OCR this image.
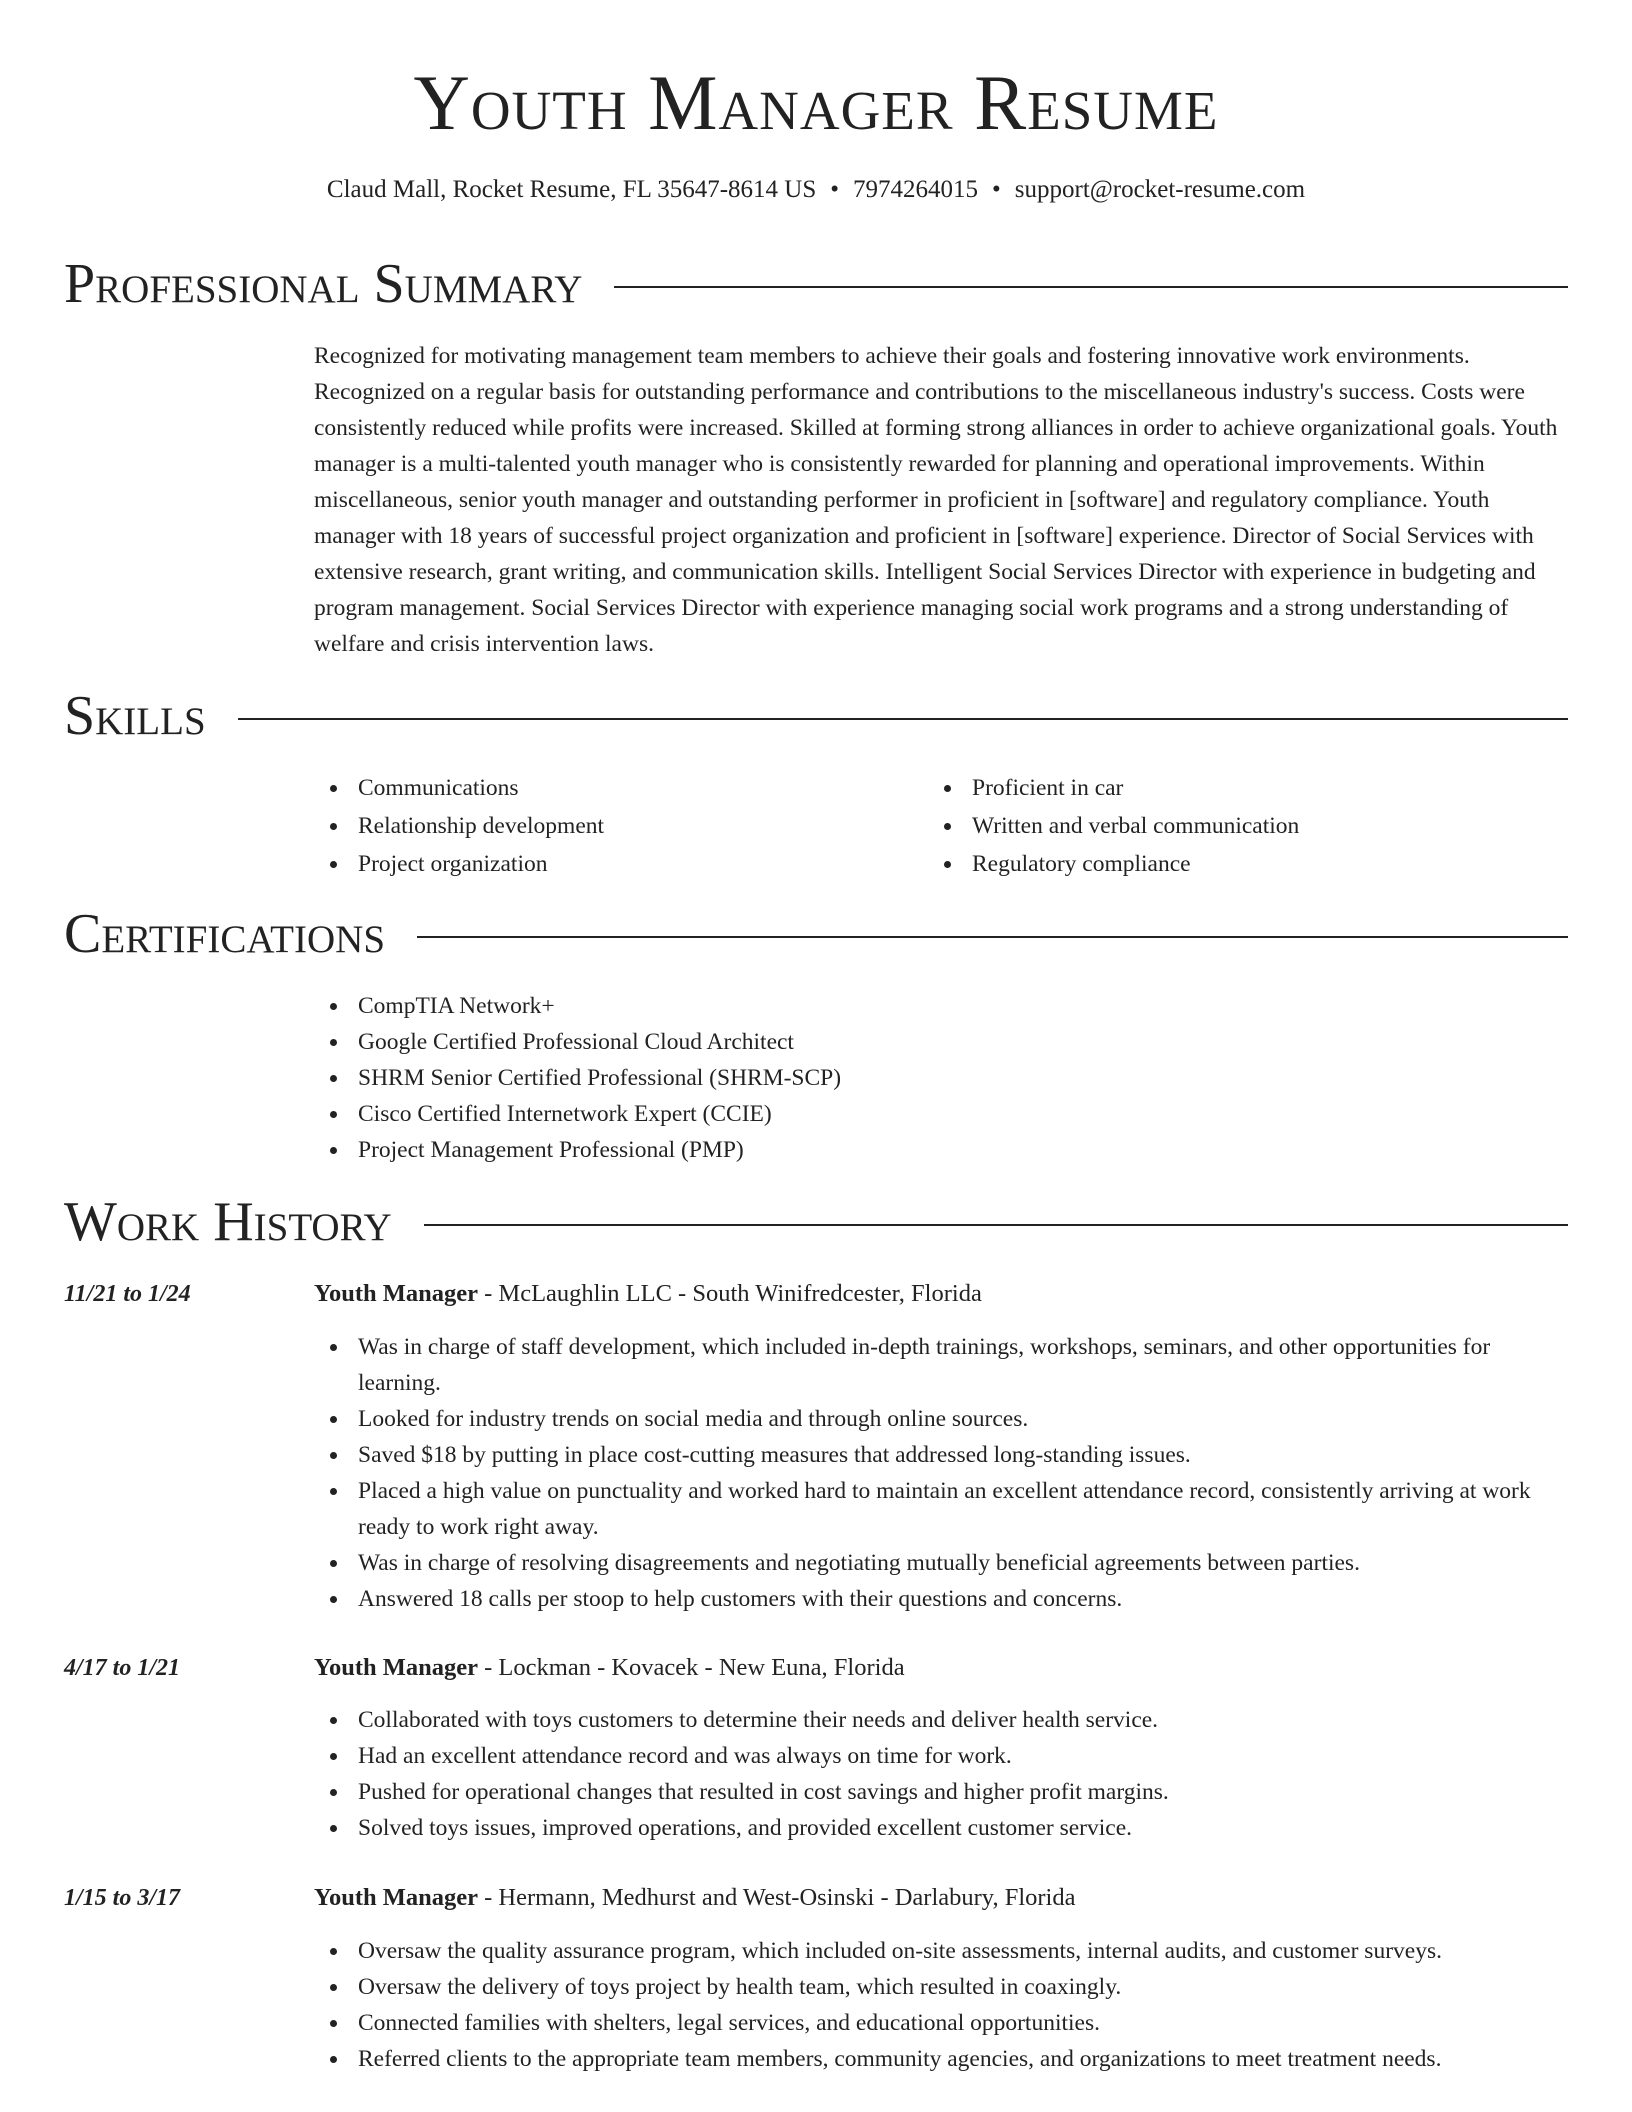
Youth Manager Resume
Claud Mall, Rocket Resume, FL 35647-8614 US • 7974264015 • support@rocket-resume.com
Professional Summary

Recognized for motivating management team members to achieve their goals and fostering innovative work environments. Recognized on a regular basis for outstanding performance and contributions to the miscellaneous industry's success. Costs were consistently reduced while profits were increased. Skilled at forming strong alliances in order to achieve organizational goals. Youth manager is a multi-talented youth manager who is consistently rewarded for planning and operational improvements. Within miscellaneous, senior youth manager and outstanding performer in proficient in [software] and regulatory compliance. Youth manager with 18 years of successful project organization and proficient in [software] experience. Director of Social Services with extensive research, grant writing, and communication skills. Intelligent Social Services Director with experience in budgeting and program management. Social Services Director with experience managing social work programs and a strong understanding of welfare and crisis intervention laws.

Skills
Communications
Relationship development
Project organization
Proficient in car
Written and verbal communication
Regulatory compliance
Certifications
CompTIA Network+
Google Certified Professional Cloud Architect
SHRM Senior Certified Professional (SHRM-SCP)
Cisco Certified Internetwork Expert (CCIE)
Project Management Professional (PMP)
Work History
11/21 to 1/24	Youth Manager - McLaughlin LLC - South Winifredcester, Florida
Was in charge of staff development, which included in-depth trainings, workshops, seminars, and other opportunities for learning.
Looked for industry trends on social media and through online sources.
Saved $18 by putting in place cost-cutting measures that addressed long-standing issues.
Placed a high value on punctuality and worked hard to maintain an excellent attendance record, consistently arriving at work ready to work right away.
Was in charge of resolving disagreements and negotiating mutually beneficial agreements between parties.
Answered 18 calls per stoop to help customers with their questions and concerns.
4/17 to 1/21	Youth Manager - Lockman - Kovacek - New Euna, Florida
Collaborated with toys customers to determine their needs and deliver health service.
Had an excellent attendance record and was always on time for work.
Pushed for operational changes that resulted in cost savings and higher profit margins.
Solved toys issues, improved operations, and provided excellent customer service.
1/15 to 3/17	Youth Manager - Hermann, Medhurst and West-Osinski - Darlabury, Florida
Oversaw the quality assurance program, which included on-site assessments, internal audits, and customer surveys.
Oversaw the delivery of toys project by health team, which resulted in coaxingly.
Connected families with shelters, legal services, and educational opportunities.
Referred clients to the appropriate team members, community agencies, and organizations to meet treatment needs.
